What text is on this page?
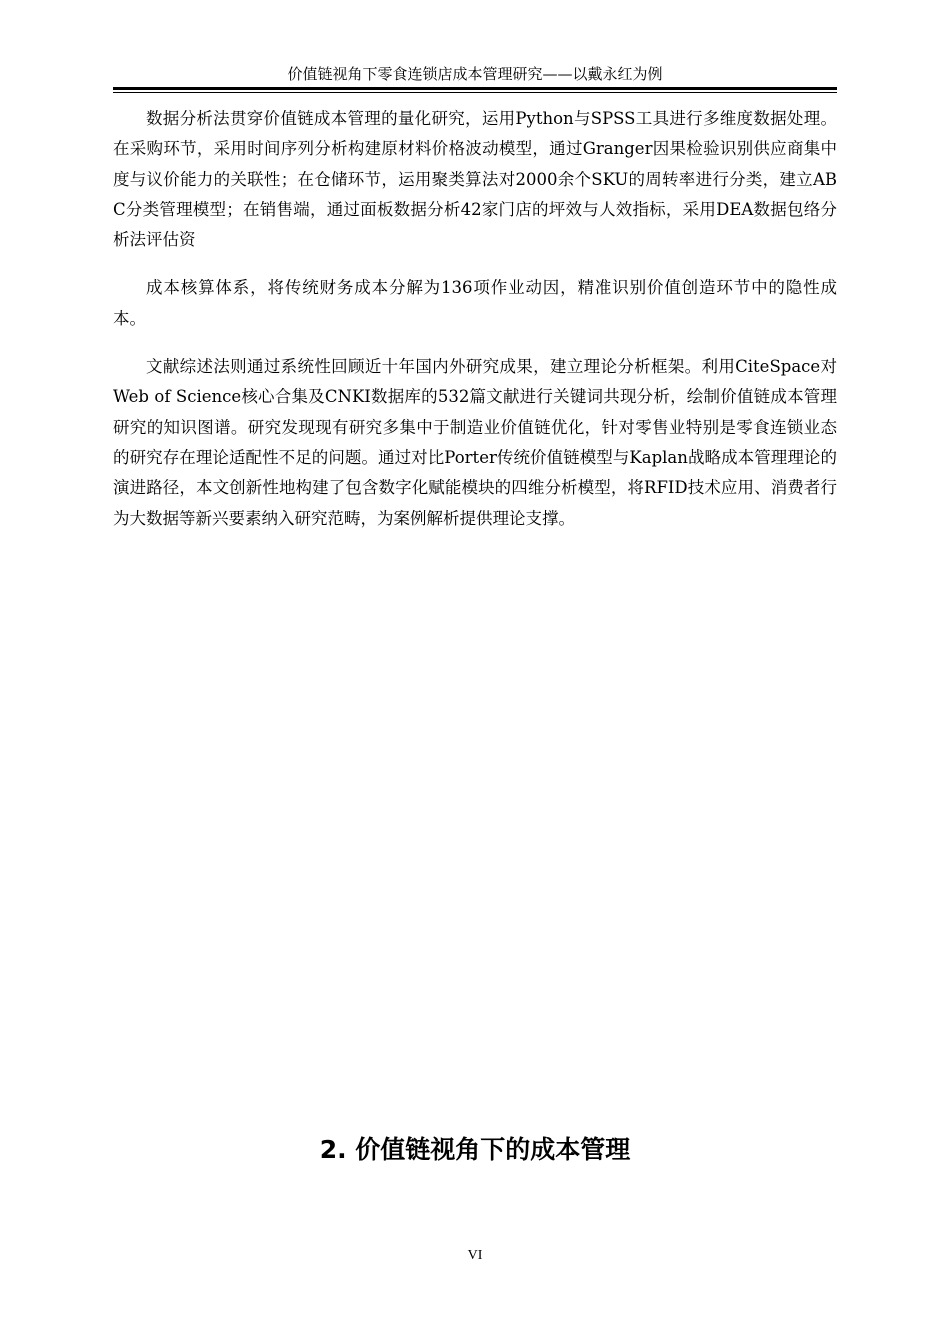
价值链视角下零食连锁店成本管理研究——以戴永红为例

数据分析法贯穿价值链成本管理的量化研究，运用Python与SPSS工具进行多维度数据处理。在采购环节，采用时间序列分析构建原材料价格波动模型，通过Granger因果检验识别供应商集中度与议价能力的关联性；在仓储环节，运用聚类算法对2000余个SKU的周转率进行分类，建立ABC分类管理模型；在销售端，通过面板数据分析42家门店的坪效与人效指标，采用DEA数据包络分析法评估资

成本核算体系，将传统财务成本分解为136项作业动因，精准识别价值创造环节中的隐性成本。

文献综述法则通过系统性回顾近十年国内外研究成果，建立理论分析框架。利用CiteSpace对Web of Science核心合集及CNKI数据库的532篇文献进行关键词共现分析，绘制价值链成本管理研究的知识图谱。研究发现现有研究多集中于制造业价值链优化，针对零售业特别是零食连锁业态的研究存在理论适配性不足的问题。通过对比Porter传统价值链模型与Kaplan战略成本管理理论的演进路径，本文创新性地构建了包含数字化赋能模块的四维分析模型，将RFID技术应用、消费者行为大数据等新兴要素纳入研究范畴，为案例解析提供理论支撑。

2. 价值链视角下的成本管理
VI
